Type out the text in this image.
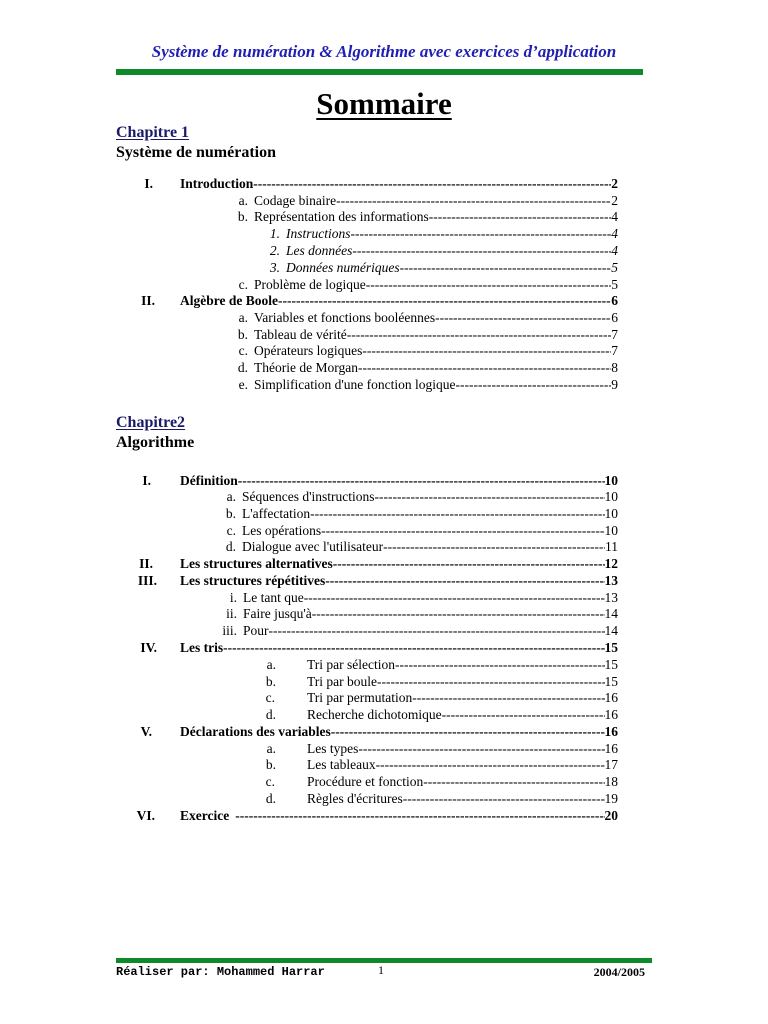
Système de numération & Algorithme avec exercices d’application
Sommaire
Chapitre 1
Système de numération
I. Introduction -----	2
a. Codage binaire -----	2
b. Représentation des informations -----	4
1. Instructions -----	4
2. Les données -----	4
3. Données numériques -----	5
c. Problème de logique -----	5
II. Algèbre de Boole -----	6
a. Variables et fonctions booléennes -----	6
b. Tableau de vérité -----	7
c. Opérateurs logiques -----	7
d. Théorie de Morgan -----	8
e. Simplification d'une fonction logique -----	9
Chapitre2
Algorithme
I. Définition -----	10
a. Séquences d'instructions -----	10
b. L'affectation -----	10
c. Les opérations -----	10
d. Dialogue avec l'utilisateur -----	11
II. Les structures alternatives -----	12
III. Les structures répétitives -----	13
i. Le tant que -----	13
ii. Faire jusqu'à -----	14
iii. Pour -----	14
IV. Les tris -----	15
a. Tri par sélection -----	15
b. Tri par boule -----	15
c. Tri par permutation -----	16
d. Recherche dichotomique -----	16
V. Déclarations des variables -----	16
a. Les types -----	16
b. Les tableaux -----	17
c. Procédure et fonction -----	18
d. Règles d'écritures -----	19
VI. Exercice -----	20
Réaliser par: Mohammed Harrar	1	2004/2005
